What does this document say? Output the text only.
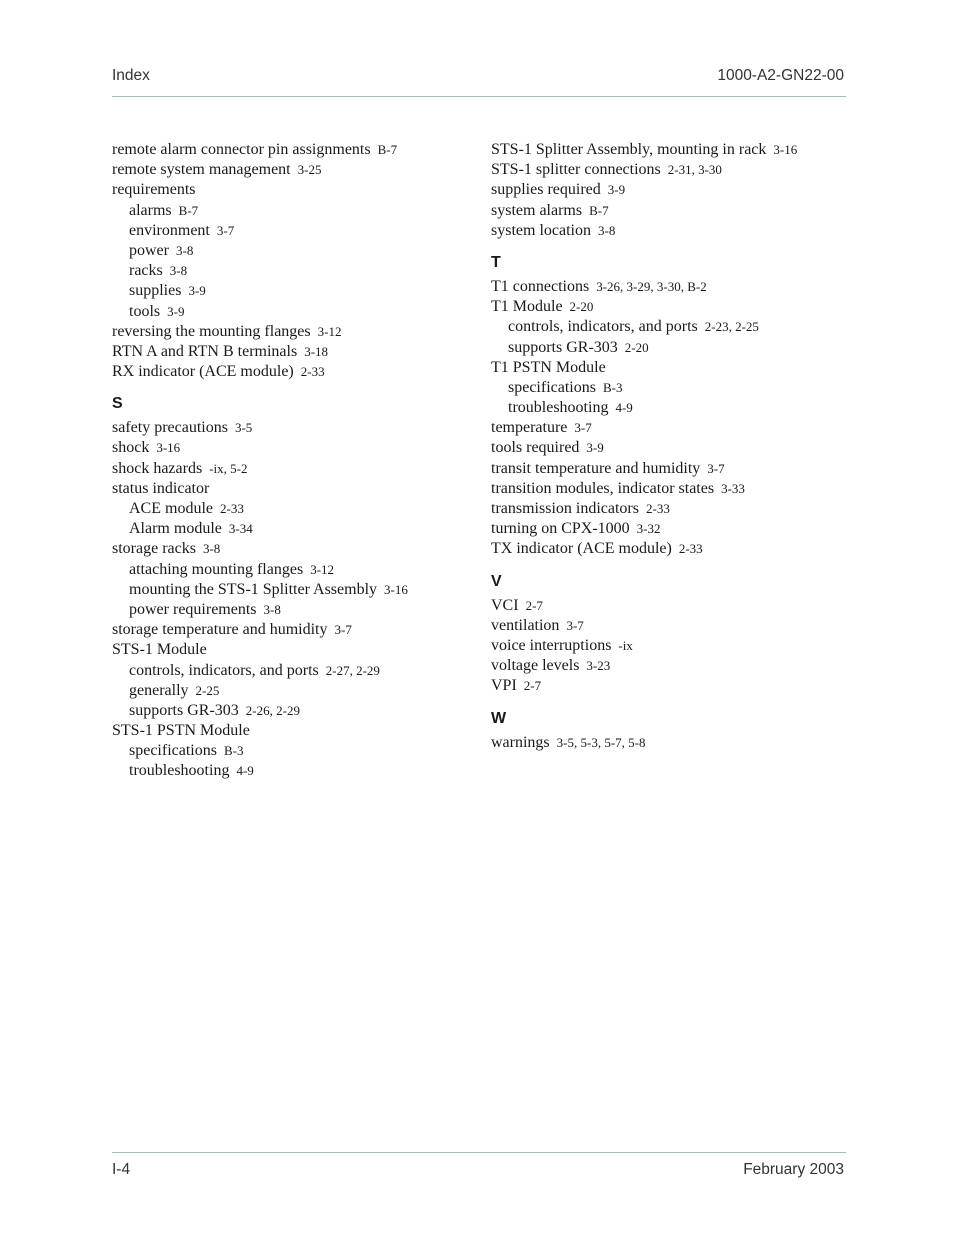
Index	1000-A2-GN22-00
remote alarm connector pin assignments B-7
remote system management 3-25
requirements
alarms B-7
environment 3-7
power 3-8
racks 3-8
supplies 3-9
tools 3-9
reversing the mounting flanges 3-12
RTN A and RTN B terminals 3-18
RX indicator (ACE module) 2-33
S
safety precautions 3-5
shock 3-16
shock hazards -ix, 5-2
status indicator
ACE module 2-33
Alarm module 3-34
storage racks 3-8
attaching mounting flanges 3-12
mounting the STS-1 Splitter Assembly 3-16
power requirements 3-8
storage temperature and humidity 3-7
STS-1 Module
controls, indicators, and ports 2-27, 2-29
generally 2-25
supports GR-303 2-26, 2-29
STS-1 PSTN Module
specifications B-3
troubleshooting 4-9
STS-1 Splitter Assembly, mounting in rack 3-16
STS-1 splitter connections 2-31, 3-30
supplies required 3-9
system alarms B-7
system location 3-8
T
T1 connections 3-26, 3-29, 3-30, B-2
T1 Module 2-20
controls, indicators, and ports 2-23, 2-25
supports GR-303 2-20
T1 PSTN Module
specifications B-3
troubleshooting 4-9
temperature 3-7
tools required 3-9
transit temperature and humidity 3-7
transition modules, indicator states 3-33
transmission indicators 2-33
turning on CPX-1000 3-32
TX indicator (ACE module) 2-33
V
VCI 2-7
ventilation 3-7
voice interruptions -ix
voltage levels 3-23
VPI 2-7
W
warnings 3-5, 5-3, 5-7, 5-8
I-4	February 2003
